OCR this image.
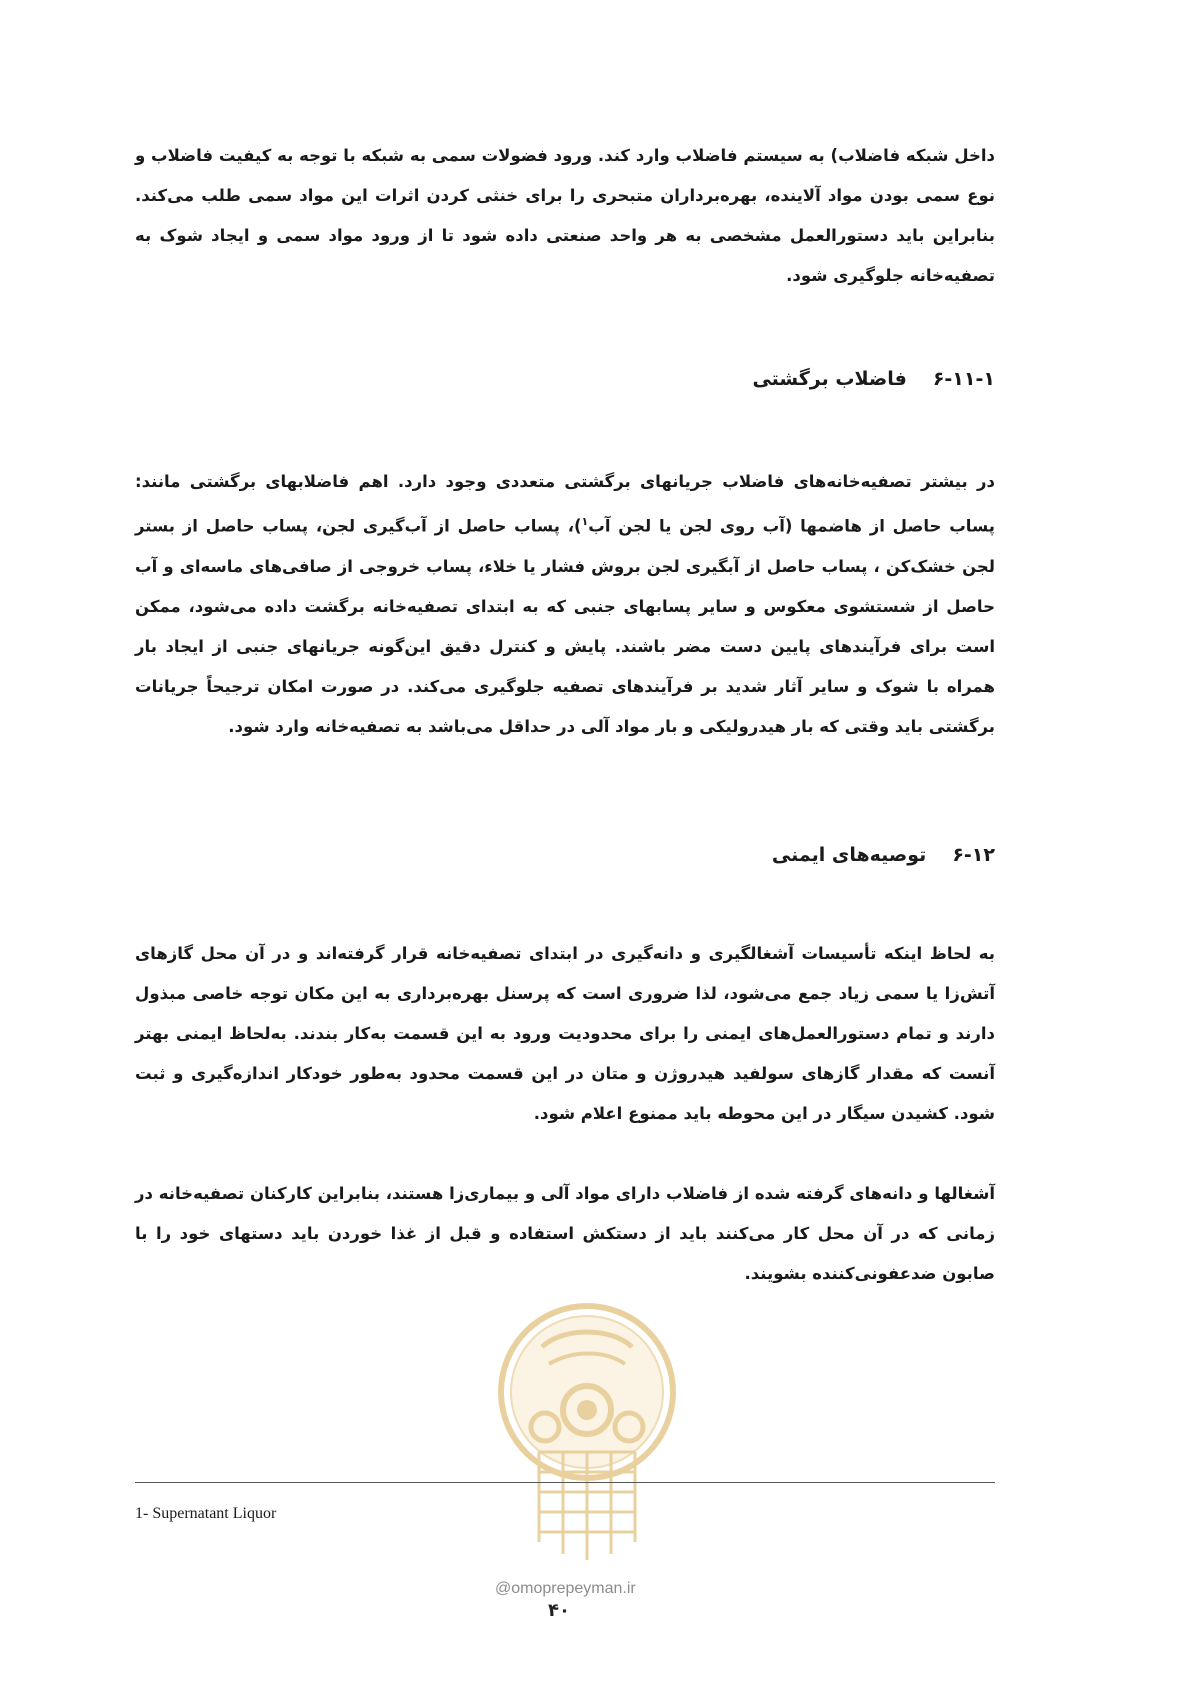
داخل شبکه فاضلاب) به سیستم فاضلاب وارد کند. ورود فضولات سمی به شبکه با توجه به کیفیت فاضلاب و نوع سمی بودن مواد آلاینده، بهره‌برداران متبحری را برای خنثی کردن اثرات این مواد سمی طلب می‌کند. بنابراین باید دستورالعمل مشخصی به هر واحد صنعتی داده شود تا از ورود مواد سمی و ایجاد شوک به تصفیه‌خانه جلوگیری شود.

۶-۱۱-۱فاضلاب برگشتی

در بیشتر تصفیه‌خانه‌های فاضلاب جریانهای برگشتی متعددی وجود دارد. اهم فاضلابهای برگشتی مانند: پساب حاصل از هاضمها (آب روی لجن یا لجن آب$^۱$)، پساب حاصل از آب‌گیری لجن، پساب حاصل از بستر لجن خشک‌کن ، پساب حاصل از آبگیری لجن بروش فشار یا خلاء، پساب خروجی از صافی‌های ماسه‌ای و آب حاصل از شستشوی معکوس و سایر پسابهای جنبی که به ابتدای تصفیه‌خانه برگشت داده می‌شود، ممکن است برای فرآیندهای پایین دست مضر باشند. پایش و کنترل دقیق این‌گونه جریانهای جنبی از ایجاد بار همراه با شوک و سایر آثار شدید بر فرآیندهای تصفیه جلوگیری می‌کند. در صورت امکان ترجیحاً جریانات برگشتی باید وقتی که بار هیدرولیکی و بار مواد آلی در حداقل می‌باشد به تصفیه‌خانه وارد شود.

۶-۱۲توصیه‌های ایمنی

به لحاظ اینکه تأسیسات آشغالگیری و دانه‌گیری در ابتدای تصفیه‌خانه قرار گرفته‌اند و در آن محل گازهای آتش‌زا یا سمی زیاد جمع می‌شود، لذا ضروری است که پرسنل بهره‌برداری به این مکان توجه خاصی مبذول دارند و تمام دستورالعمل‌های ایمنی را برای محدودیت ورود به این قسمت به‌کار بندند. به‌لحاظ ایمنی بهتر آنست که مقدار گازهای سولفید هیدروژن و متان در این قسمت محدود به‌طور خودکار اندازه‌گیری و ثبت شود. کشیدن سیگار در این محوطه باید ممنوع اعلام شود.

آشغالها و دانه‌های گرفته شده از فاضلاب دارای مواد آلی و بیماری‌زا هستند، بنابراین کارکنان تصفیه‌خانه در زمانی که در آن محل کار می‌کنند باید از دستکش استفاده و قبل از غذا خوردن باید دستهای خود را با صابون ضدعفونی‌کننده بشویند.

1- Supernatant Liquor
@omoprepeyman.ir
۴۰
